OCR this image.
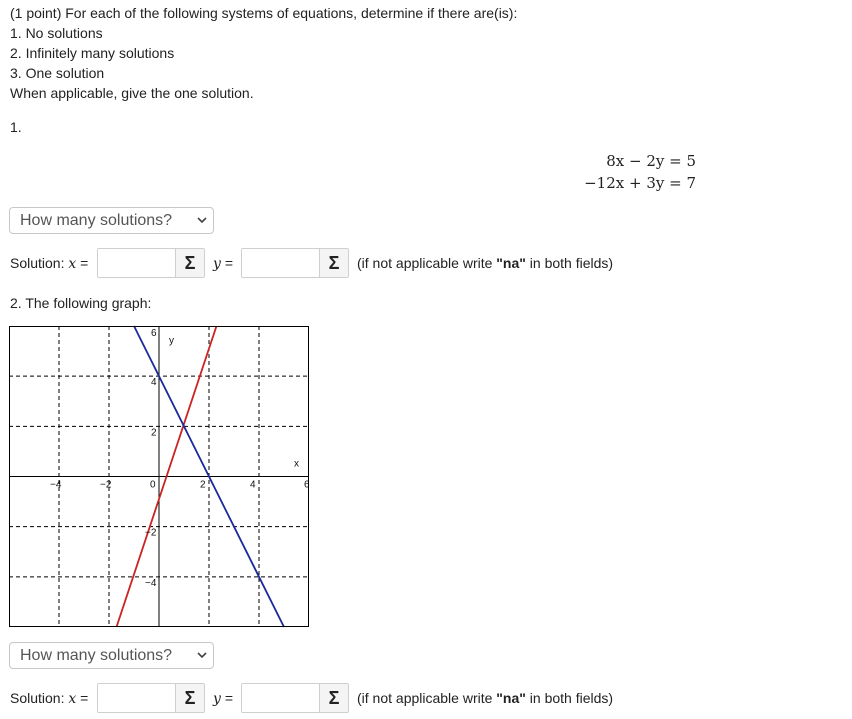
(1 point) For each of the following systems of equations, determine if there are(is):
1. No solutions
2. Infinitely many solutions
3. One solution
When applicable, give the one solution.
1.
8x − 2y = 5
−12x + 3y = 7
How many solutions?
Solution: x =	Σ	y =	Σ	(if not applicable write "na" in both fields)
2. The following graph:
−4	−2	0	2	4	6
6
4
2
−2
−4
x
y
How many solutions?
Solution: x =	Σ	y =	Σ	(if not applicable write "na" in both fields)
